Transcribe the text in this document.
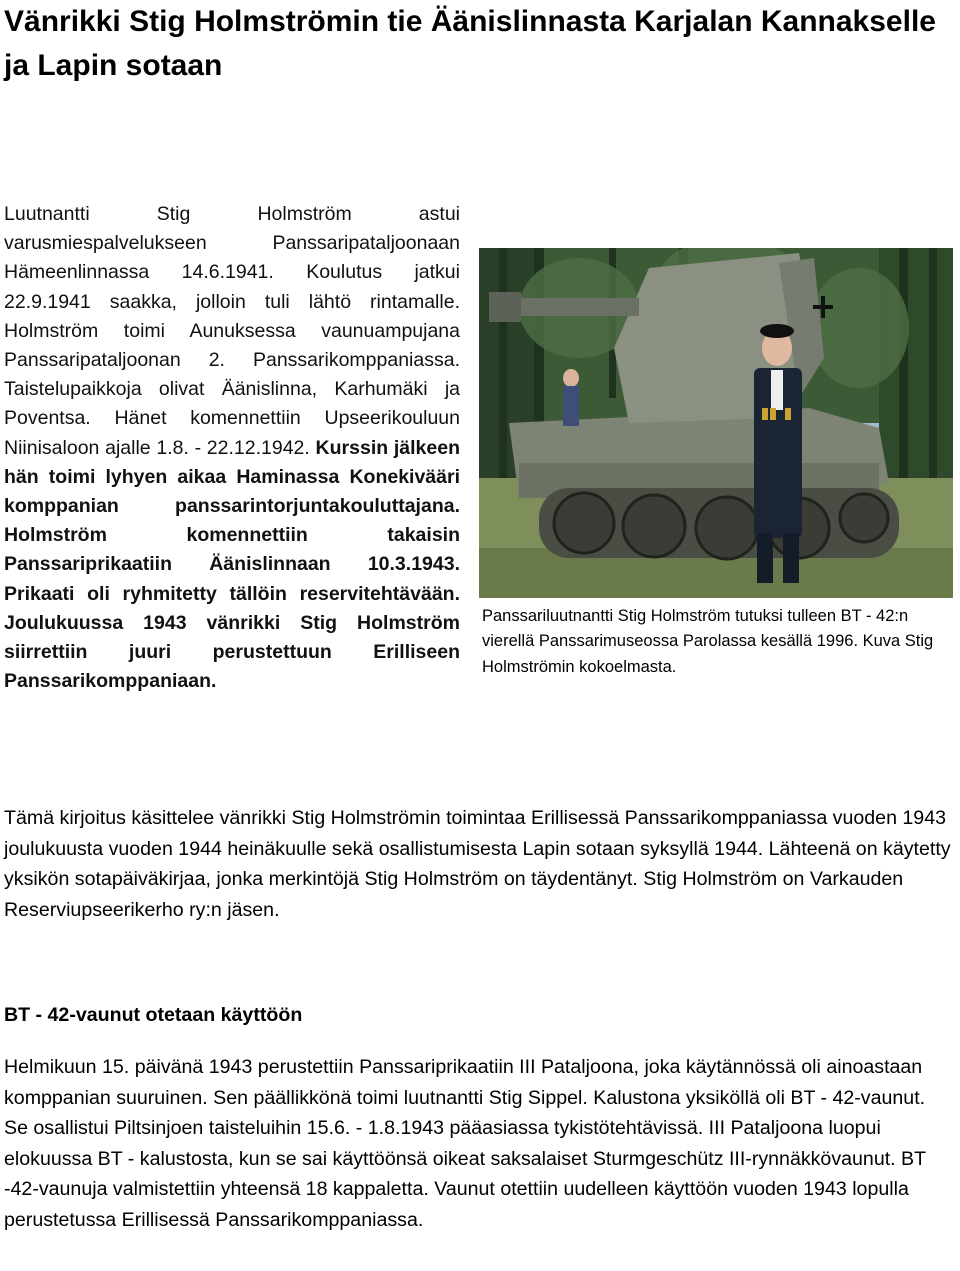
Vänrikki Stig Holmströmin tie Äänislinnasta Karjalan Kannakselle ja Lapin sotaan
Luutnantti Stig Holmström astui varusmiespalvelukseen Panssaripataljoonaan Hämeenlinnassa 14.6.1941. Koulutus jatkui 22.9.1941 saakka, jolloin tuli lähtö rintamalle. Holmström toimi Aunuksessa vaunuampujana Panssaripataljoonan 2. Panssarikomppaniassa. Taistelupaikkoja olivat Äänislinna, Karhumäki ja Poventsa. Hänet komennettiin Upseerikouluun Niinisaloon ajalle 1.8. - 22.12.1942. Kurssin jälkeen hän toimi lyhyen aikaa Haminassa Konekivääri komppanian panssarintorjuntakouluttajana. Holmström komennettiin takaisin Panssariprikaatiin Äänislinnaan 10.3.1943. Prikaati oli ryhmitetty tällöin reservitehtävään. Joulukuussa 1943 vänrikki Stig Holmström siirrettiin juuri perustettuun Erilliseen Panssarikomppaniaan.
Panssariluutnantti Stig Holmström tutuksi tulleen BT - 42:n vierellä Panssarimuseossa Parolassa kesällä 1996. Kuva Stig Holmströmin kokoelmasta.

Tämä kirjoitus käsittelee vänrikki Stig Holmströmin toimintaa Erillisessä Panssarikomppaniassa vuoden 1943 joulukuusta vuoden 1944 heinäkuulle sekä osallistumisesta Lapin sotaan syksyllä 1944. Lähteenä on käytetty yksikön sotapäiväkirjaa, jonka merkintöjä Stig Holmström on täydentänyt. Stig Holmström on Varkauden Reserviupseerikerho ry:n jäsen.

BT - 42-vaunut otetaan käyttöön

Helmikuun 15. päivänä 1943 perustettiin Panssariprikaatiin III Pataljoona, joka käytännössä oli ainoastaan komppanian suuruinen. Sen päällikkönä toimi luutnantti Stig Sippel. Kalustona yksiköllä oli BT - 42-vaunut. Se osallistui Piltsinjoen taisteluihin 15.6. - 1.8.1943 pääasiassa tykistötehtävissä. III Pataljoona luopui elokuussa BT - kalustosta, kun se sai käyttöönsä oikeat saksalaiset Sturmgeschütz III-rynnäkkövaunut. BT -42-vaunuja valmistettiin yhteensä 18 kappaletta. Vaunut otettiin uudelleen käyttöön vuoden 1943 lopulla perustetussa Erillisessä Panssarikomppaniassa.
